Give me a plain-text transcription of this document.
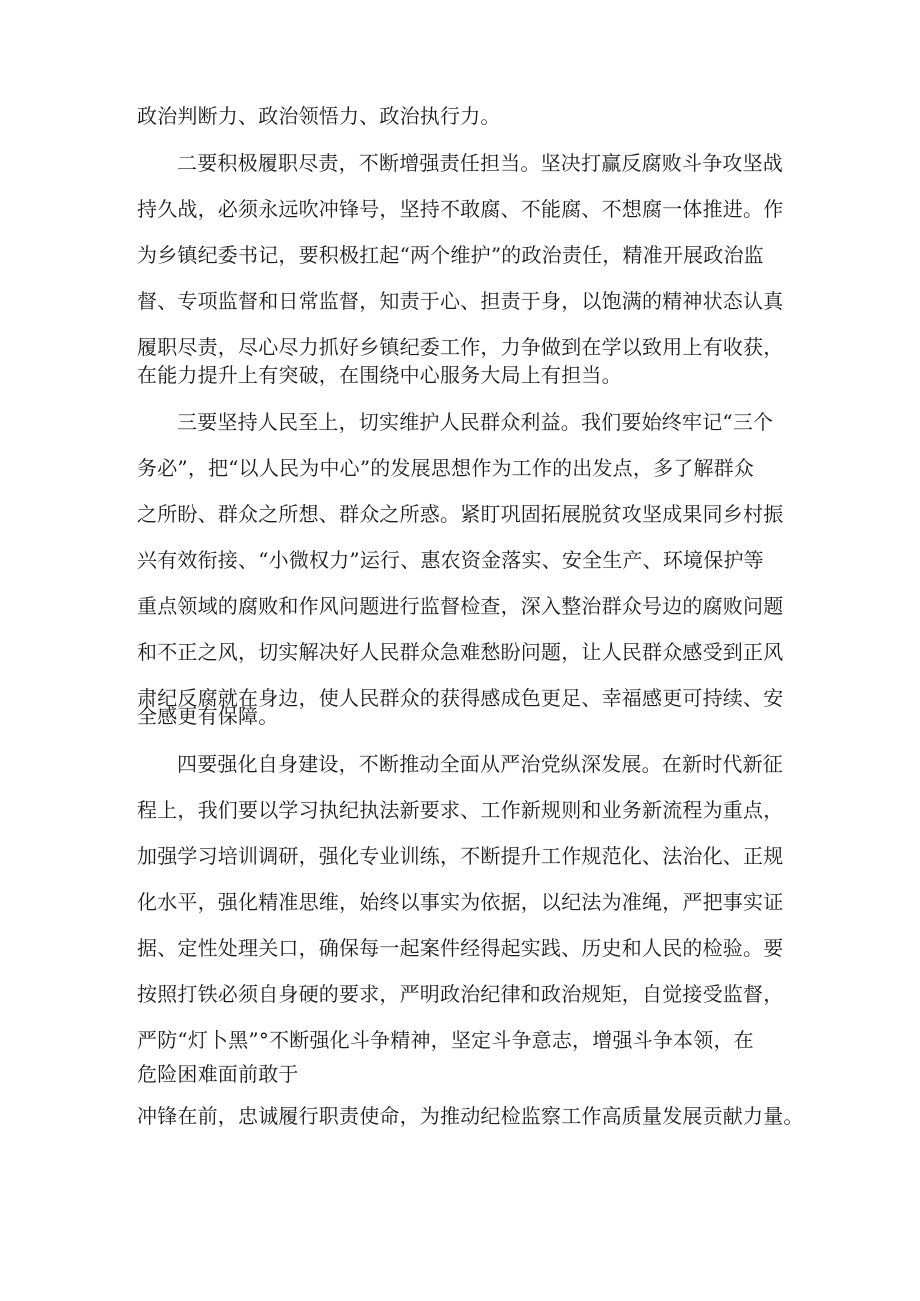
政治判断力、政治领悟力、政治执行力。
二要积极履职尽责，不断增强责任担当。坚决打赢反腐败斗争攻坚战
持久战，必须永远吹冲锋号，坚持不敢腐、不能腐、不想腐一体推进。作
为乡镇纪委书记，要积极扛起“两个维护”的政治责任，精准开展政治监
督、专项监督和日常监督，知责于心、担责于身，以饱满的精神状态认真
履职尽责，尽心尽力抓好乡镇纪委工作，力争做到在学以致用上有收获，
在能力提升上有突破，在围绕中心服务大局上有担当。
三要坚持人民至上，切实维护人民群众利益。我们要始终牢记“三个
务必”，把“以人民为中心”的发展思想作为工作的出发点，多了解群众
之所盼、群众之所想、群众之所惑。紧盯巩固拓展脱贫攻坚成果同乡村振
兴有效衔接、“小微权力”运行、惠农资金落实、安全生产、环境保护等
重点领域的腐败和作风问题进行监督检查，深入整治群众号边的腐败问题
和不正之风，切实解决好人民群众急难愁盼问题，让人民群众感受到正风
肃纪反腐就在身边，使人民群众的获得感成色更足、幸福感更可持续、安
全感更有保障。
四要强化自身建设，不断推动全面从严治党纵深发展。在新时代新征
程上，我们要以学习执纪执法新要求、工作新规则和业务新流程为重点，
加强学习培训调研，强化专业训练，不断提升工作规范化、法治化、正规
化水平，强化精准思维，始终以事实为依据，以纪法为准绳，严把事实证
据、定性处理关口，确保每一起案件经得起实践、历史和人民的检验。要
按照打铁必须自身硬的要求，严明政治纪律和政治规矩，自觉接受监督，
严防“灯卜黑”°不断强化斗争精神，坚定斗争意志，增强斗争本领，在
危险困难面前敢于
冲锋在前，忠诚履行职责使命，为推动纪检监察工作高质量发展贡献力量。
